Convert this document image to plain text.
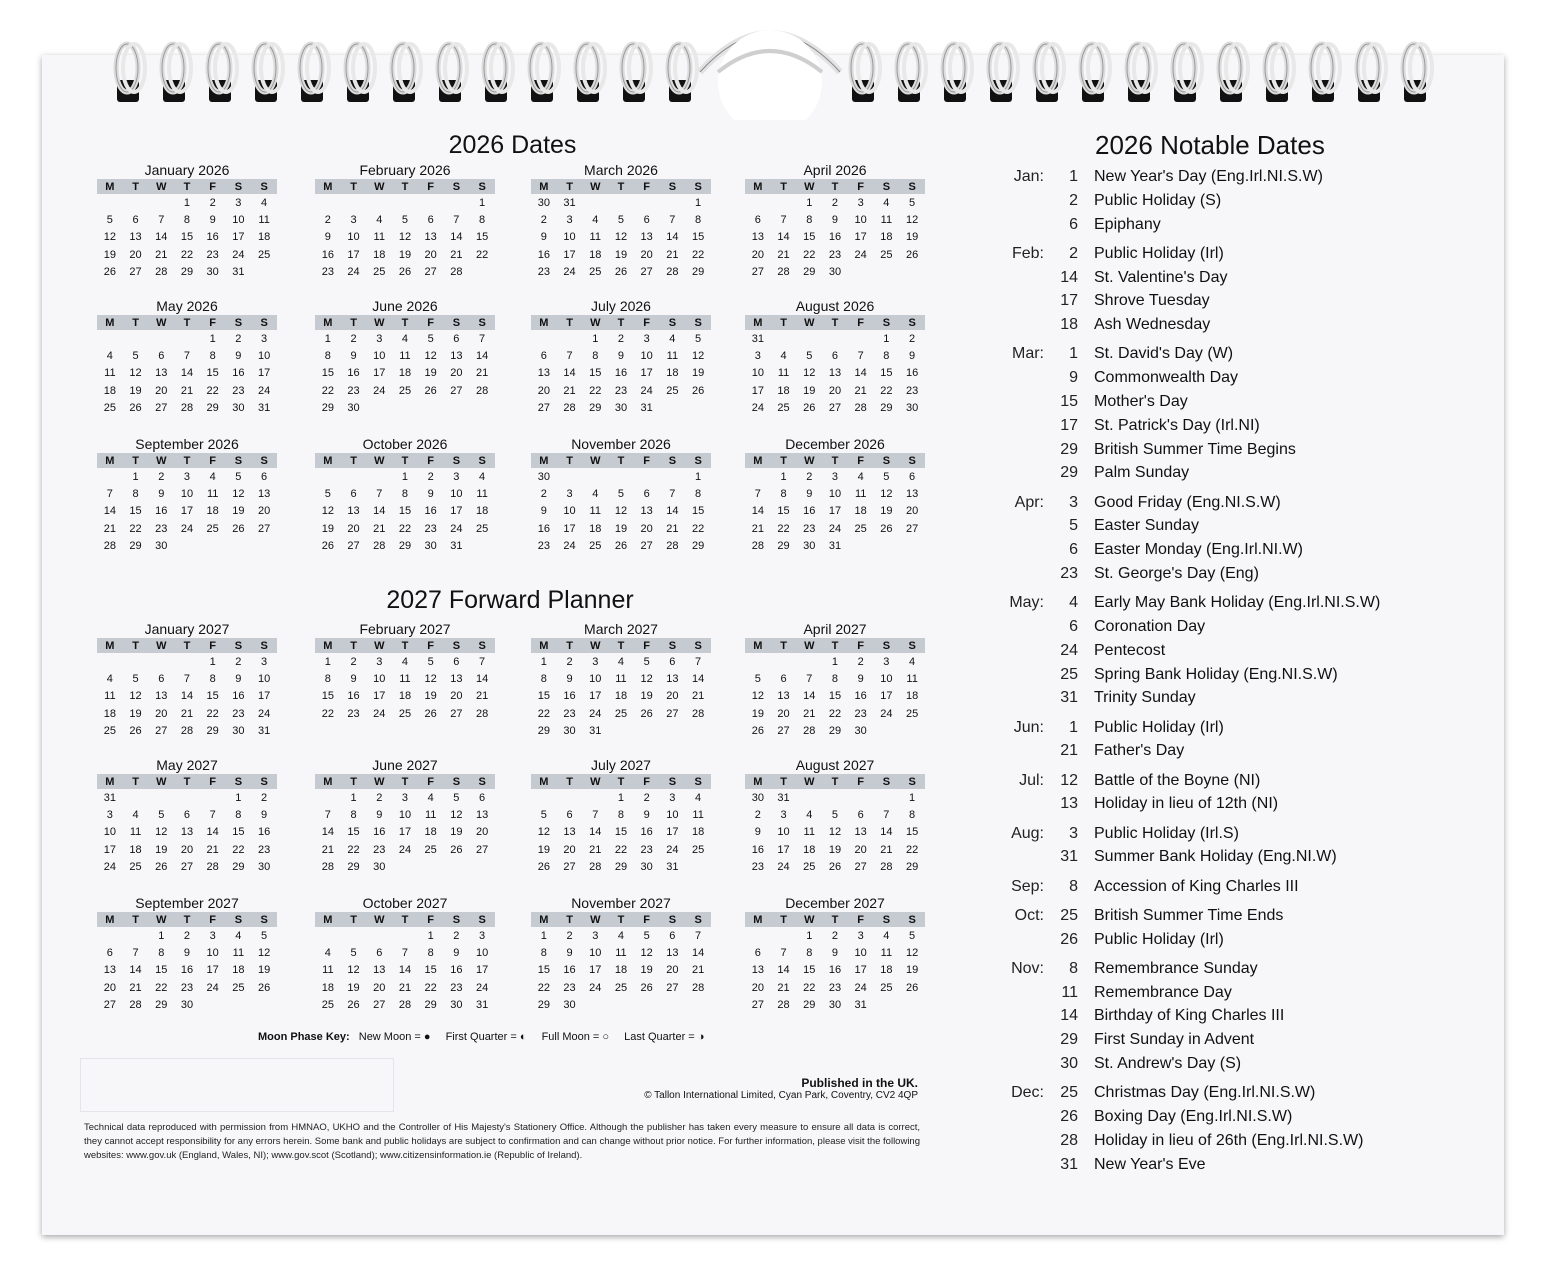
2026 Dates
January 2026
M	T	W	T	F	S	S
			1	2	3	4
5	6	7	8	9	10	11
12	13	14	15	16	17	18
19	20	21	22	23	24	25
26	27	28	29	30	31	
February 2026
M	T	W	T	F	S	S
						1
2	3	4	5	6	7	8
9	10	11	12	13	14	15
16	17	18	19	20	21	22
23	24	25	26	27	28	
March 2026
M	T	W	T	F	S	S
30	31					1
2	3	4	5	6	7	8
9	10	11	12	13	14	15
16	17	18	19	20	21	22
23	24	25	26	27	28	29
April 2026
M	T	W	T	F	S	S
		1	2	3	4	5
6	7	8	9	10	11	12
13	14	15	16	17	18	19
20	21	22	23	24	25	26
27	28	29	30			
May 2026
M	T	W	T	F	S	S
				1	2	3
4	5	6	7	8	9	10
11	12	13	14	15	16	17
18	19	20	21	22	23	24
25	26	27	28	29	30	31
June 2026
M	T	W	T	F	S	S
1	2	3	4	5	6	7
8	9	10	11	12	13	14
15	16	17	18	19	20	21
22	23	24	25	26	27	28
29	30					
July 2026
M	T	W	T	F	S	S
		1	2	3	4	5
6	7	8	9	10	11	12
13	14	15	16	17	18	19
20	21	22	23	24	25	26
27	28	29	30	31		
August 2026
M	T	W	T	F	S	S
31					1	2
3	4	5	6	7	8	9
10	11	12	13	14	15	16
17	18	19	20	21	22	23
24	25	26	27	28	29	30
September 2026
M	T	W	T	F	S	S
	1	2	3	4	5	6
7	8	9	10	11	12	13
14	15	16	17	18	19	20
21	22	23	24	25	26	27
28	29	30				
October 2026
M	T	W	T	F	S	S
			1	2	3	4
5	6	7	8	9	10	11
12	13	14	15	16	17	18
19	20	21	22	23	24	25
26	27	28	29	30	31	
November 2026
M	T	W	T	F	S	S
30						1
2	3	4	5	6	7	8
9	10	11	12	13	14	15
16	17	18	19	20	21	22
23	24	25	26	27	28	29
December 2026
M	T	W	T	F	S	S
	1	2	3	4	5	6
7	8	9	10	11	12	13
14	15	16	17	18	19	20
21	22	23	24	25	26	27
28	29	30	31			
2027 Forward Planner
January 2027
M	T	W	T	F	S	S
				1	2	3
4	5	6	7	8	9	10
11	12	13	14	15	16	17
18	19	20	21	22	23	24
25	26	27	28	29	30	31
February 2027
M	T	W	T	F	S	S
1	2	3	4	5	6	7
8	9	10	11	12	13	14
15	16	17	18	19	20	21
22	23	24	25	26	27	28
March 2027
M	T	W	T	F	S	S
1	2	3	4	5	6	7
8	9	10	11	12	13	14
15	16	17	18	19	20	21
22	23	24	25	26	27	28
29	30	31				
April 2027
M	T	W	T	F	S	S
			1	2	3	4
5	6	7	8	9	10	11
12	13	14	15	16	17	18
19	20	21	22	23	24	25
26	27	28	29	30		
May 2027
M	T	W	T	F	S	S
31					1	2
3	4	5	6	7	8	9
10	11	12	13	14	15	16
17	18	19	20	21	22	23
24	25	26	27	28	29	30
June 2027
M	T	W	T	F	S	S
	1	2	3	4	5	6
7	8	9	10	11	12	13
14	15	16	17	18	19	20
21	22	23	24	25	26	27
28	29	30				
July 2027
M	T	W	T	F	S	S
			1	2	3	4
5	6	7	8	9	10	11
12	13	14	15	16	17	18
19	20	21	22	23	24	25
26	27	28	29	30	31	
August 2027
M	T	W	T	F	S	S
30	31					1
2	3	4	5	6	7	8
9	10	11	12	13	14	15
16	17	18	19	20	21	22
23	24	25	26	27	28	29
September 2027
M	T	W	T	F	S	S
		1	2	3	4	5
6	7	8	9	10	11	12
13	14	15	16	17	18	19
20	21	22	23	24	25	26
27	28	29	30			
October 2027
M	T	W	T	F	S	S
				1	2	3
4	5	6	7	8	9	10
11	12	13	14	15	16	17
18	19	20	21	22	23	24
25	26	27	28	29	30	31
November 2027
M	T	W	T	F	S	S
1	2	3	4	5	6	7
8	9	10	11	12	13	14
15	16	17	18	19	20	21
22	23	24	25	26	27	28
29	30					
December 2027
M	T	W	T	F	S	S
		1	2	3	4	5
6	7	8	9	10	11	12
13	14	15	16	17	18	19
20	21	22	23	24	25	26
27	28	29	30	31		
Moon Phase Key: New Moon = ● First Quarter = ◐ Full Moon = ○ Last Quarter = ◑
Published in the UK.
© Tallon International Limited, Cyan Park, Coventry, CV2 4QP
Technical data reproduced with permission from HMNAO, UKHO and the Controller of His Majesty's Stationery Office. Although the publisher has taken every measure to ensure all data is correct, they cannot accept responsibility for any errors herein. Some bank and public holidays are subject to confirmation and can change without prior notice. For further information, please visit the following websites: www.gov.uk (England, Wales, NI); www.gov.scot (Scotland); www.citizensinformation.ie (Republic of Ireland).
2026 Notable Dates
Jan:	1 New Year's Day (Eng.Irl.NI.S.W)
2 Public Holiday (S)
6 Epiphany
Feb:	2 Public Holiday (Irl)
14 St. Valentine's Day
17 Shrove Tuesday
18 Ash Wednesday
Mar:	1 St. David's Day (W)
9 Commonwealth Day
15 Mother's Day
17 St. Patrick's Day (Irl.NI)
29 British Summer Time Begins
29 Palm Sunday
Apr:	3 Good Friday (Eng.NI.S.W)
5 Easter Sunday
6 Easter Monday (Eng.Irl.NI.W)
23 St. George's Day (Eng)
May:	4 Early May Bank Holiday (Eng.Irl.NI.S.W)
6 Coronation Day
24 Pentecost
25 Spring Bank Holiday (Eng.NI.S.W)
31 Trinity Sunday
Jun:	1 Public Holiday (Irl)
21 Father's Day
Jul:	12 Battle of the Boyne (NI)
13 Holiday in lieu of 12th (NI)
Aug:	3 Public Holiday (Irl.S)
31 Summer Bank Holiday (Eng.NI.W)
Sep:	8 Accession of King Charles III
Oct:	25 British Summer Time Ends
26 Public Holiday (Irl)
Nov:	8 Remembrance Sunday
11 Remembrance Day
14 Birthday of King Charles III
29 First Sunday in Advent
30 St. Andrew's Day (S)
Dec:	25 Christmas Day (Eng.Irl.NI.S.W)
26 Boxing Day (Eng.Irl.NI.S.W)
28 Holiday in lieu of 26th (Eng.Irl.NI.S.W)
31 New Year's Eve
